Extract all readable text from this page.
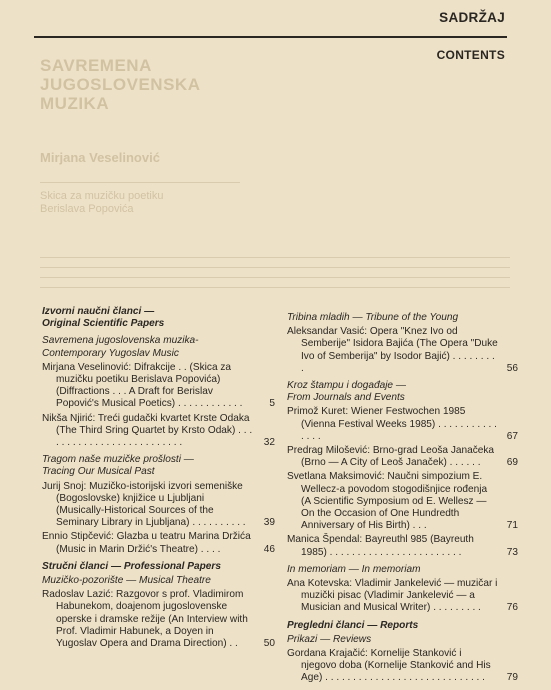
SADRŽAJ
CONTENTS
SAVREMENA JUGOSLOVENSKA MUZIKA
Mirjana Veselinović
Skica za muzičku poetiku Berislava Popovića
Izvorni naučni članci —
Original Scientific Papers
Savremena jugoslovenska muzika-
Contemporary Yugoslav Music
Mirjana Veselinović: Difrakcije . . (Skica za muzičku poetiku Berislava Popovića) (Diffractions . . . A Draft for Berislav Popović's Musical Poetics) . . . . . . . . . . . .	5
Nikša Njirić: Treći gudački kvartet Krste Odaka (The Third Sring Quartet by Krsto Odak) . . . . . . . . . . . . . . . . . . . . . . . . . .	32
Tragom naše muzičke prošlosti —
Tracing Our Musical Past
Jurij Snoj: Muzičko-istorijski izvori semeniške (Bogoslovske) knjižice u Ljubljani (Musically-Historical Sources of the Seminary Library in Ljubljana) . . . . . . . . . .	39
Ennio Stipčević: Glazba u teatru Marina Držića (Music in Marin Držić's Theatre) . . . .	46
Stručni članci — Professional Papers
Muzičko-pozorište — Musical Theatre
Radoslav Lazić: Razgovor s prof. Vladimirom Habunekom, doajenom jugoslovenske operske i dramske režije (An Interview with Prof. Vladimir Habunek, a Doyen in Yugoslav Opera and Drama Direction) . .	50
Tribina mladih — Tribune of the Young
Aleksandar Vasić: Opera "Knez Ivo od Semberije" Isidora Bajića (The Opera "Duke Ivo of Semberija" by Isodor Bajić) . . . . . . . . .	56
Kroz štampu i događaje —
From Journals and Events
Primož Kuret: Wiener Festwochen 1985 (Vienna Festival Weeks 1985) . . . . . . . . . . . . . . .	67
Predrag Milošević: Brno-grad Leoša Janačeka (Brno — A City of Leoš Janaček) . . . . . .	69
Svetlana Maksimović: Naučni simpozium E. Wellecz-a povodom stogodišnjice rođenja (A Scientific Symposium od E. Wellesz — On the Occasion of One Hundredth Anniversary of His Birth) . . .	71
Manica Špendal: Bayreuthl 985 (Bayreuth 1985) . . . . . . . . . . . . . . . . . . . . . . . .	73
In memoriam — In memoriam
Ana Kotevska: Vladimir Jankelević — muzičar i muzički pisac (Vladimir Jankelević — a Musician and Musical Writer) . . . . . . . . .	76
Pregledni članci — Reports
Prikazi — Reviews
Gordana Krajačić: Kornelije Stanković i njegovo doba (Kornelije Stanković and His Age) . . . . . . . . . . . . . . . . . . . . . . . . . . . . .	79
